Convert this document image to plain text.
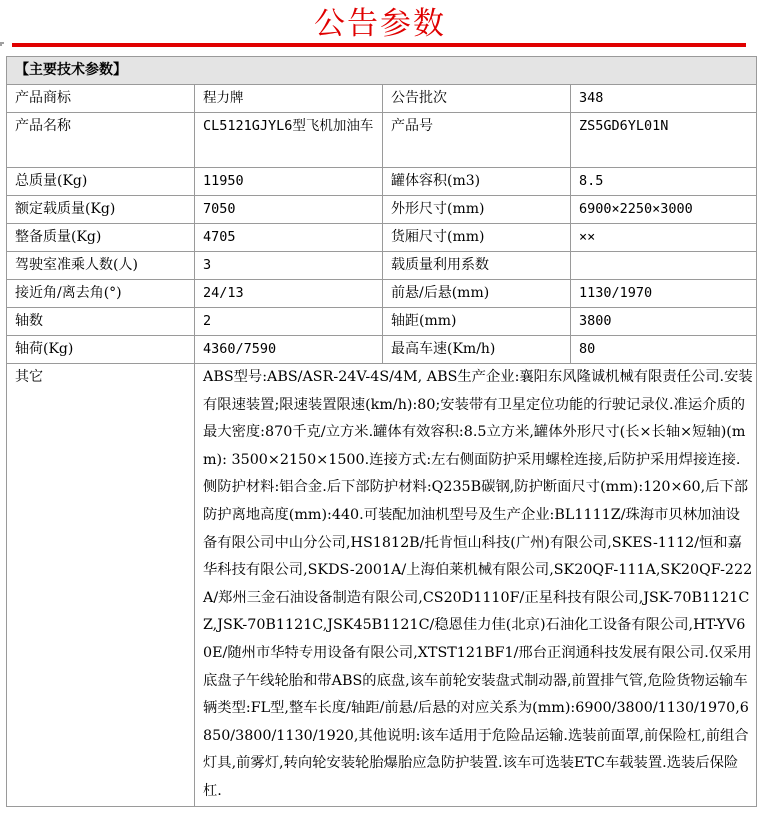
公告参数
【主要技术参数】			
产品商标	程力牌	公告批次	348
产品名称	CL5121GJYL6型飞机加油车	产品号	ZS5GD6YL01N
总质量(Kg)	11950	罐体容积(m3)	8.5
额定载质量(Kg)	7050	外形尺寸(mm)	6900×2250×3000
整备质量(Kg)	4705	货厢尺寸(mm)	××
驾驶室准乘人数(人)	3	载质量利用系数	
接近角/离去角(°)	24/13	前悬/后悬(mm)	1130/1970
轴数	2	轴距(mm)	3800
轴荷(Kg)	4360/7590	最高车速(Km/h)	80
其它	ABS型号:ABS/ASR-24V-4S/4M, ABS生产企业:襄阳东风隆诚机械有限责任公司.安装有限速装置;限速装置限速(km/h):80;安装带有卫星定位功能的行驶记录仪.准运介质的最大密度:870千克/立方米.罐体有效容积:8.5立方米,罐体外形尺寸(长×长轴×短轴)(mm): 3500×2150×1500.连接方式:左右侧面防护采用螺栓连接,后防护采用焊接连接.侧防护材料:铝合金.后下部防护材料:Q235B碳钢,防护断面尺寸(mm):120×60,后下部防护离地高度(mm):440.可装配加油机型号及生产企业:BL1111Z/珠海市贝林加油设备有限公司中山分公司,HS1812B/托肯恒山科技(广州)有限公司,SKES-1112/恒和嘉华科技有限公司,SKDS-2001A/上海伯莱机械有限公司,SK20QF-111A,SK20QF-222A/郑州三金石油设备制造有限公司,CS20D1110F/正星科技有限公司,JSK-70B1121CZ,JSK-70B1121C,JSK45B1121C/稳恩佳力佳(北京)石油化工设备有限公司,HT-YV60E/随州市华特专用设备有限公司,XTST121BF1/邢台正润通科技发展有限公司.仅采用底盘子午线轮胎和带ABS的底盘,该车前轮安装盘式制动器,前置排气管,危险货物运输车辆类型:FL型,整车长度/轴距/前悬/后悬的对应关系为(mm):6900/3800/1130/1970,6850/3800/1130/1920,其他说明:该车适用于危险品运输.选装前面罩,前保险杠,前组合灯具,前雾灯,转向轮安装轮胎爆胎应急防护装置.该车可选装ETC车载装置.选装后保险杠.		
